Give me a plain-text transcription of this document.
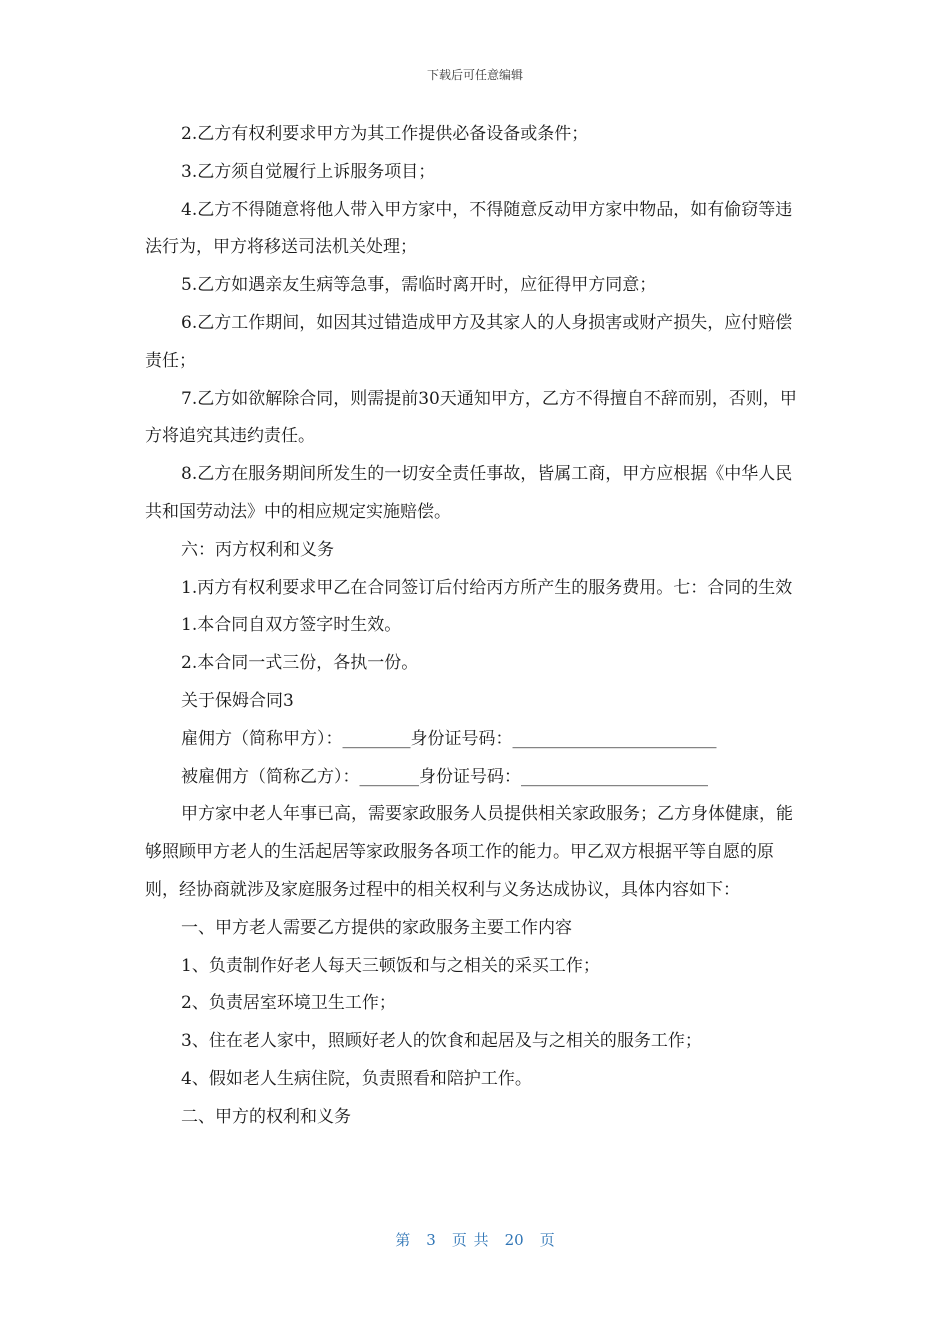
下载后可任意编辑

2.乙方有权利要求甲方为其工作提供必备设备或条件；

3.乙方须自觉履行上诉服务项目；

4.乙方不得随意将他人带入甲方家中，不得随意反动甲方家中物品，如有偷窃等违法行为，甲方将移送司法机关处理；

5.乙方如遇亲友生病等急事，需临时离开时，应征得甲方同意；

6.乙方工作期间，如因其过错造成甲方及其家人的人身损害或财产损失，应付赔偿责任；

7.乙方如欲解除合同，则需提前30天通知甲方，乙方不得擅自不辞而别，否则，甲方将追究其违约责任。

8.乙方在服务期间所发生的一切安全责任事故，皆属工商，甲方应根据《中华人民共和国劳动法》中的相应规定实施赔偿。

六：丙方权利和义务

1.丙方有权利要求甲乙在合同签订后付给丙方所产生的服务费用。七：合同的生效

1.本合同自双方签字时生效。

2.本合同一式三份，各执一份。

关于保姆合同3

雇佣方（简称甲方）：________身份证号码：________________________

被雇佣方（简称乙方）：_______身份证号码：______________________

甲方家中老人年事已高，需要家政服务人员提供相关家政服务；乙方身体健康，能够照顾甲方老人的生活起居等家政服务各项工作的能力。甲乙双方根据平等自愿的原则，经协商就涉及家庭服务过程中的相关权利与义务达成协议，具体内容如下：

一、甲方老人需要乙方提供的家政服务主要工作内容

1、负责制作好老人每天三顿饭和与之相关的采买工作；

2、负责居室环境卫生工作；

3、住在老人家中，照顾好老人的饮食和起居及与之相关的服务工作；

4、假如老人生病住院，负责照看和陪护工作。

二、甲方的权利和义务

第 3 页 共 20 页
